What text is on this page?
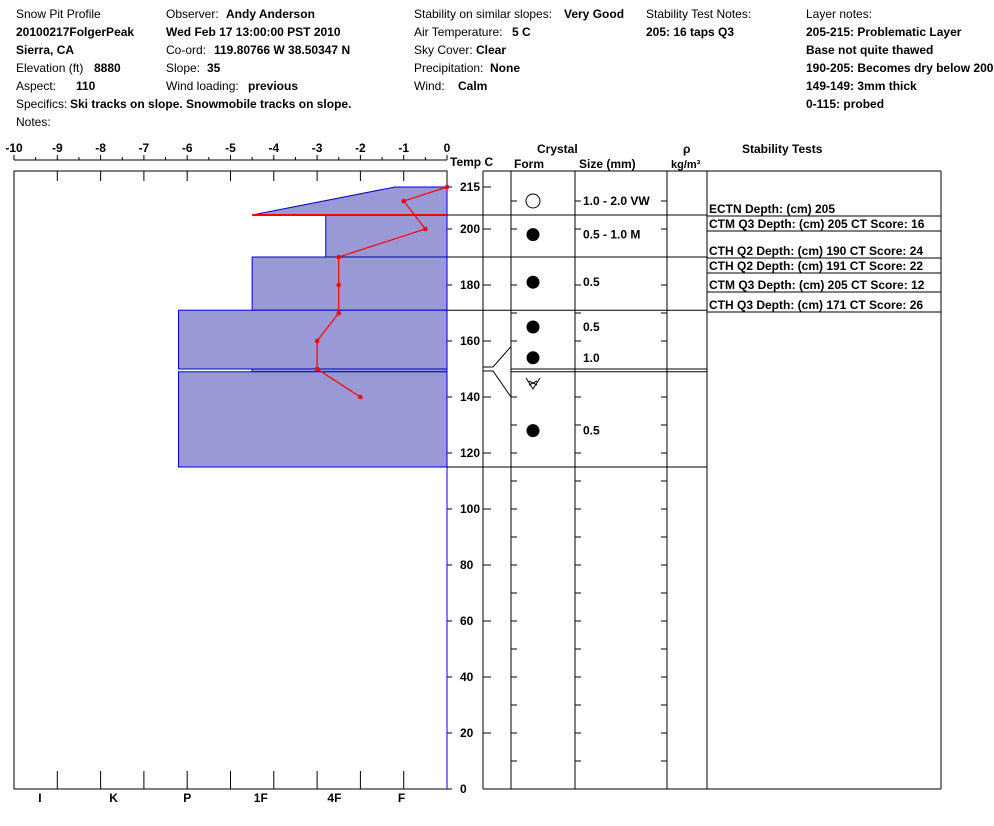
Snow Pit Profile
20100217FolgerPeak
Sierra, CA
Elevation (ft) 8880
Aspect: 110
Specifics: Ski tracks on slope. Snowmobile tracks on slope.
Notes:
Observer: Andy Anderson
Wed Feb 17 13:00:00 PST 2010
Co-ord: 119.80766 W 38.50347 N
Slope: 35
Wind loading: previous
Stability on similar slopes: Very Good
Air Temperature: 5 C
Sky Cover: Clear
Precipitation: None
Wind: Calm
Stability Test Notes:
205: 16 taps Q3
Layer notes:
205-215: Problematic Layer
Base not quite thawed
190-205: Becomes dry below 200
149-149: 3mm thick
0-115: probed
-10 -9	-8	-7	-6	-5	-4	-3	-2	-1	0
I	K	P	1F	4F	F
0
20
40
60
80
100
120
140
160
180
200
215
1.0 - 2.0 VW
0.5 - 1.0 M
0.5
0.5
1.0
0.5
Temp C
Crystal
Form	Size (mm)
ρ
kg/m³
Stability Tests
ECTN Depth: (cm) 205
CTM Q3 Depth: (cm) 205 CT Score: 16
CTH Q2 Depth: (cm) 190 CT Score: 24
CTH Q2 Depth: (cm) 191 CT Score: 22
CTM Q3 Depth: (cm) 205 CT Score: 12
CTH Q3 Depth: (cm) 171 CT Score: 26
